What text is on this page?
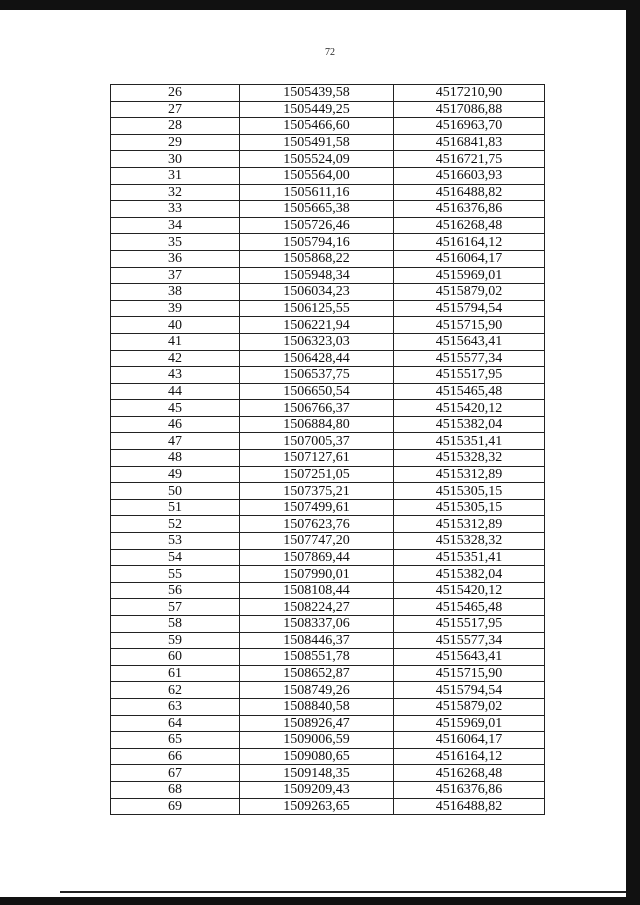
72
26	1505439,58	4517210,90
27	1505449,25	4517086,88
28	1505466,60	4516963,70
29	1505491,58	4516841,83
30	1505524,09	4516721,75
31	1505564,00	4516603,93
32	1505611,16	4516488,82
33	1505665,38	4516376,86
34	1505726,46	4516268,48
35	1505794,16	4516164,12
36	1505868,22	4516064,17
37	1505948,34	4515969,01
38	1506034,23	4515879,02
39	1506125,55	4515794,54
40	1506221,94	4515715,90
41	1506323,03	4515643,41
42	1506428,44	4515577,34
43	1506537,75	4515517,95
44	1506650,54	4515465,48
45	1506766,37	4515420,12
46	1506884,80	4515382,04
47	1507005,37	4515351,41
48	1507127,61	4515328,32
49	1507251,05	4515312,89
50	1507375,21	4515305,15
51	1507499,61	4515305,15
52	1507623,76	4515312,89
53	1507747,20	4515328,32
54	1507869,44	4515351,41
55	1507990,01	4515382,04
56	1508108,44	4515420,12
57	1508224,27	4515465,48
58	1508337,06	4515517,95
59	1508446,37	4515577,34
60	1508551,78	4515643,41
61	1508652,87	4515715,90
62	1508749,26	4515794,54
63	1508840,58	4515879,02
64	1508926,47	4515969,01
65	1509006,59	4516064,17
66	1509080,65	4516164,12
67	1509148,35	4516268,48
68	1509209,43	4516376,86
69	1509263,65	4516488,82
